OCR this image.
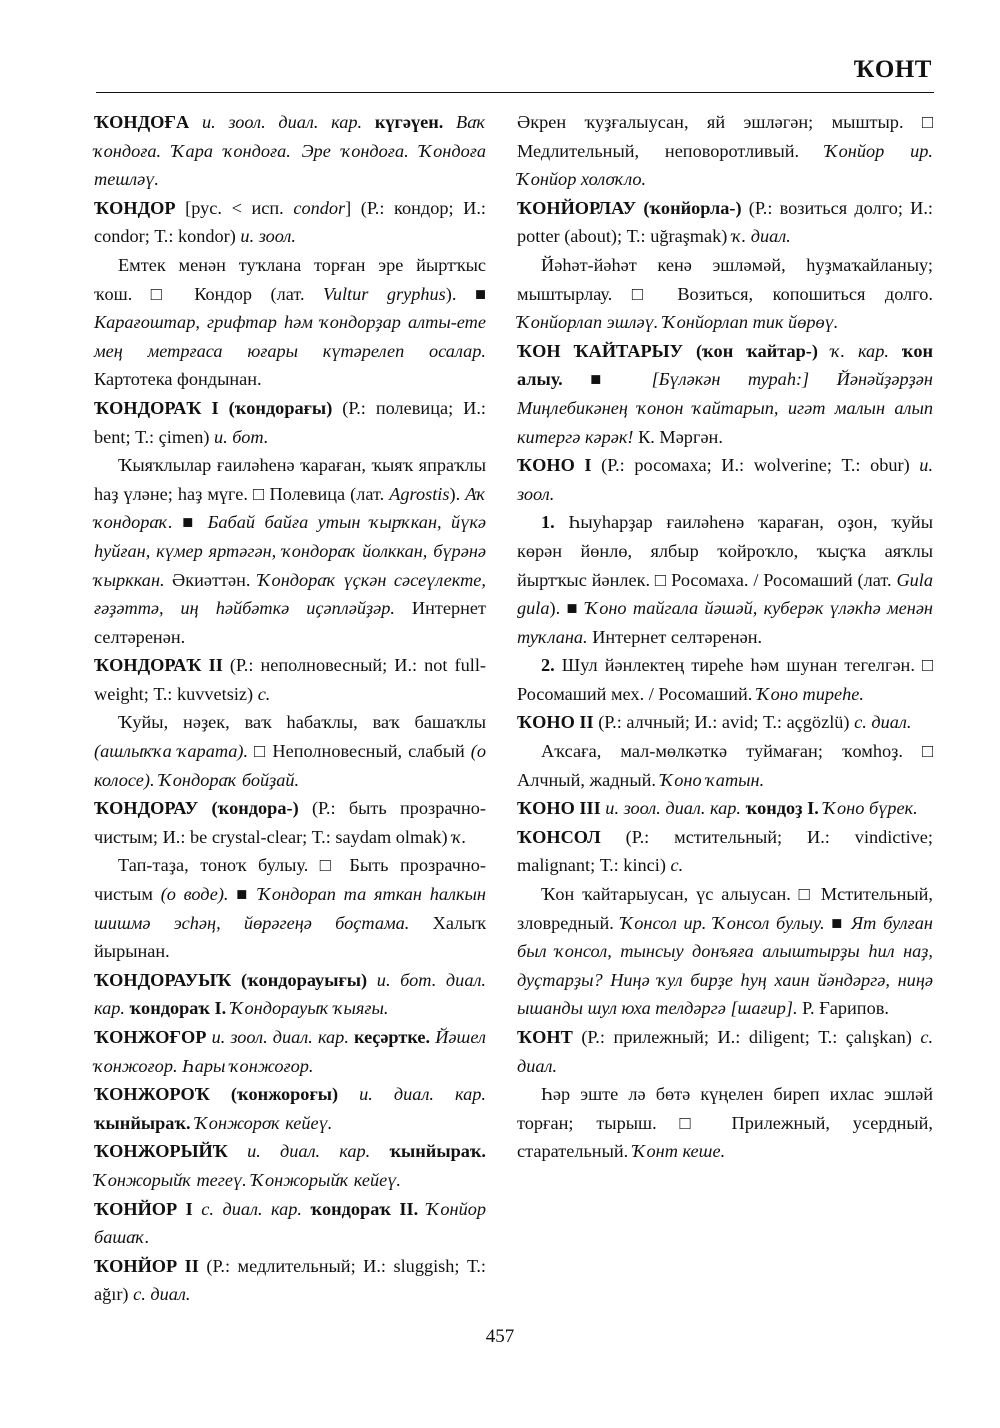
ҠОНТ

ҠОНДОҒА и. зоол. диал. кар. күгәүен. Ваҡ ҡондоға. Ҡара ҡондоға. Эре ҡондоға. Ҡондоға тешләү.

ҠОНДОР [рус. < исп. condor] (Р.: кондор; И.: condor; Т.: kondor) и. зоол.

Емтек менән туҡлана торған эре йыртҡыс ҡош. □ Кондор (лат. Vultur gryphus). ■ Карағоштар, грифтар һәм ҡондорҙар алты-ете мең метрғаса юғары күтәрелеп осалар. Картотека фондынан.

ҠОНДОРАҠ I (ҡондорағы) (Р.: полевица; И.: bent; Т.: çimen) и. бот.

Ҡыяҡлылар ғаиләһенә ҡараған, ҡыяҡ япраҡлы һаҙ үләне; һаҙ мүге. □ Полевица (лат. Agrostis). Аҡ ҡондораҡ. ■ Бабай байға утын ҡырҡкан, йүкә һуйған, күмер яртәгән, ҡондораҡ йолккан, бүрәнә ҡырккан. Әкиәттән. Ҡондораҡ үҫкән сәсеүлекте, ғәҙәттә, иң һәйбәткә иҫәпләйҙәр. Интернет селтәренән.

ҠОНДОРАҠ II (Р.: неполновесный; И.: not full-weight; Т.: kuvvetsiz) с.

Ҡуйы, нәҙек, ваҡ һабаҡлы, ваҡ башаҡлы (ашлыҡҡа ҡарата). □ Неполновесный, слабый (о колосе). Ҡондораҡ бойҙай.

ҠОНДОРАУ (ҡондора-) (Р.: быть прозрачно-чистым; И.: be crystal-clear; Т.: saydam olmak) ҡ.

Тап-таҙа, тоноҡ булыу. □ Быть прозрачно-чистым (о воде). ■ Ҡондорап та яткан һалкын шишмә эсһәң, йөрәгеңә боҫтама. Халыҡ йырынан.

ҠОНДОРАУЫҠ (ҡондорауығы) и. бот. диал. кар. ҡондораҡ I. Ҡондорауыҡ ҡыяғы.

ҠОНЖОҒОР и. зоол. диал. кар. кеҫәртке. Йәшел ҡонжоғор. Һары ҡонжоғор.

ҠОНЖОРОҠ (ҡонжороғы) и. диал. кар. ҡынйыраҡ. Ҡонжороҡ кейеү.

ҠОНЖОРЫЙҠ и. диал. кар. ҡынйыраҡ. Ҡонжорыйҡ тегеү. Ҡонжорыйҡ кейеү.

ҠОНЙОР I с. диал. кар. ҡондораҡ II. Ҡонйор башаҡ.

ҠОНЙОР II (Р.: медлительный; И.: sluggish; Т.: ağır) с. диал.

Әкрен ҡуҙғалыусан, яй эшләгән; мыштыр. □ Медлительный, неповоротливый. Ҡонйор ир. Ҡонйор холоҡло.

ҠОНЙОРЛАУ (ҡонйорла-) (Р.: возиться долго; И.: potter (about); Т.: uğraşmak) ҡ. диал.

Йәһәт-йәһәт кенә эшләмәй, һуҙмаҡайланыу; мыштырлау. □ Возиться, копошиться долго. Ҡонйорлап эшләү. Ҡонйорлап тик йөрөү.

ҠОН ҠАЙТАРЫУ (ҡон ҡайтар-) ҡ. кар. ҡон алыу. ■ [Бүләкән тураһ:] Йәнәйҙәрҙән Миңлебикәнең ҡонон ҡайтарып, игәт малын алып китергә кәрәк! К. Мәргән.

ҠОНО I (Р.: росомаха; И.: wolverine; Т.: obur) и. зоол.

1. Һыуһарҙар ғаиләһенә ҡараған, оҙон, ҡуйы көрән йөнлө, ялбыр ҡойроҡло, ҡыҫҡа аяҡлы йыртҡыс йәнлек. □ Росомаха. / Росомаший (лат. Gula gula). ■ Ҡоно тайгала йәшәй, куберәк үләкһә менән туҡлана. Интернет селтәренән.

2. Шул йәнлектең тиреһе һәм шунан тегелгән. □ Росомаший мех. / Росомаший. Ҡоно тиреһе.

ҠОНО II (Р.: алчный; И.: avid; Т.: açgözlü) с. диал.

Аҡсаға, мал-мөлкәткә туймаған; ҡомһоҙ. □ Алчный, жадный. Ҡоно ҡатын.

ҠОНО III и. зоол. диал. кар. ҡондоҙ I. Ҡоно бүрек.

ҠОНСОЛ (Р.: мстительный; И.: vindictive; malignant; Т.: kinci) с.

Ҡон ҡайтарыусан, үс алыусан. □ Мстительный, зловредный. Ҡонсол ир. Ҡонсол булыу. ■ Ят булған был ҡонсол, тынсыу донъяға алыштырҙы һил наҙ, дуҫтарҙы? Ниңә ҡул бирҙе һуң хаин йәндәргә, ниңә ышанды шул юха телдәргә [шағир]. Р. Ғарипов.

ҠОНТ (Р.: прилежный; И.: diligent; Т.: çalışkan) с. диал.

Һәр эште лә бөтә күңелен биреп ихлас эшләй торған; тырыш. □ Прилежный, усердный, старательный. Ҡонт кеше.

457
